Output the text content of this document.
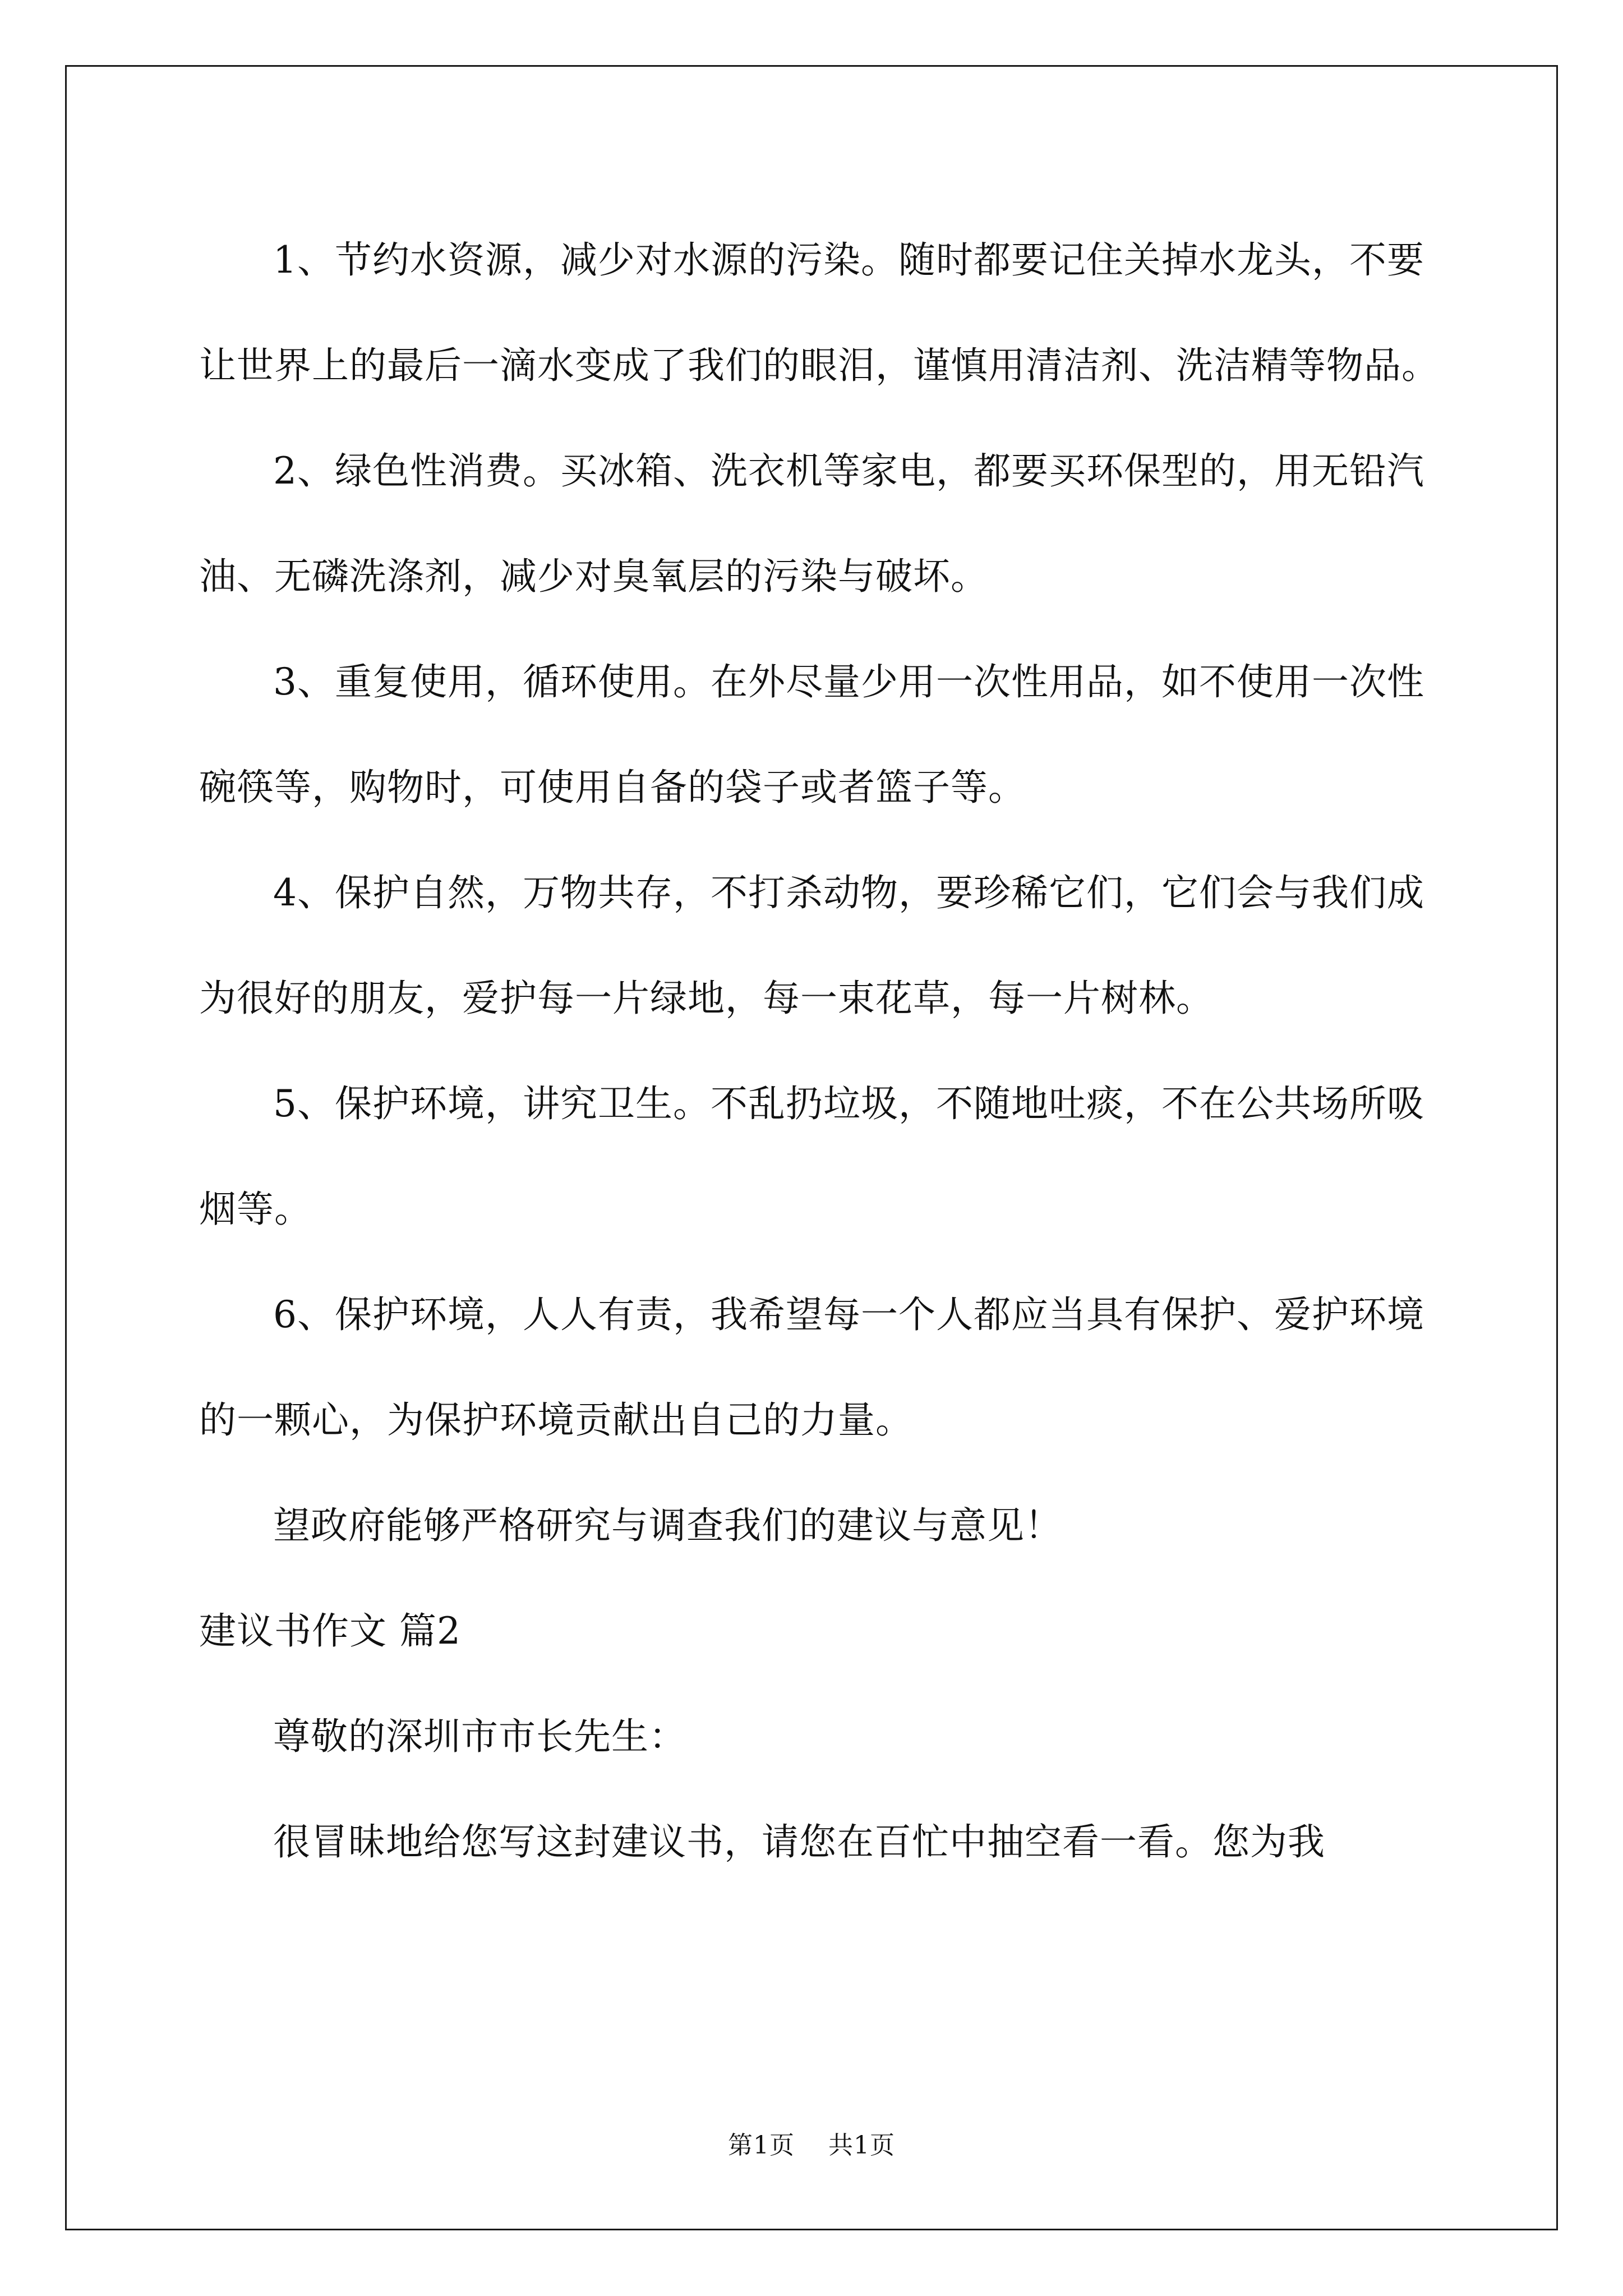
1、节约水资源，减少对水源的污染。随时都要记住关掉水龙头，不要让世界上的最后一滴水变成了我们的眼泪，谨慎用清洁剂、洗洁精等物品。

2、绿色性消费。买冰箱、洗衣机等家电，都要买环保型的，用无铅汽油、无磷洗涤剂，减少对臭氧层的污染与破坏。

3、重复使用，循环使用。在外尽量少用一次性用品，如不使用一次性碗筷等，购物时，可使用自备的袋子或者篮子等。

4、保护自然，万物共存，不打杀动物，要珍稀它们，它们会与我们成为很好的朋友，爱护每一片绿地，每一束花草，每一片树林。

5、保护环境，讲究卫生。不乱扔垃圾，不随地吐痰，不在公共场所吸烟等。

6、保护环境，人人有责，我希望每一个人都应当具有保护、爱护环境的一颗心，为保护环境贡献出自己的力量。

望政府能够严格研究与调查我们的建议与意见！

建议书作文 篇2

尊敬的深圳市市长先生：

很冒昧地给您写这封建议书，请您在百忙中抽空看一看。您为我

第1页 共1页
